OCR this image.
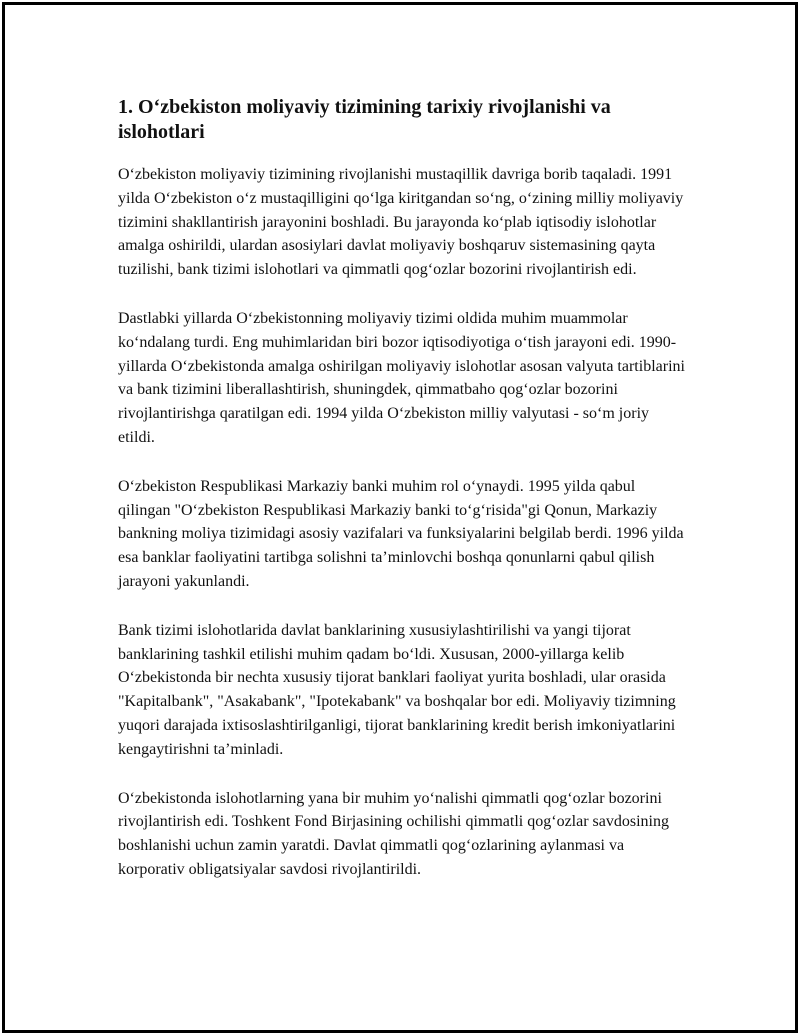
1. O‘zbekiston moliyaviy tizimining tarixiy rivojlanishi va islohotlari

O‘zbekiston moliyaviy tizimining rivojlanishi mustaqillik davriga borib taqaladi. 1991 yilda O‘zbekiston o‘z mustaqilligini qo‘lga kiritgandan so‘ng, o‘zining milliy moliyaviy tizimini shakllantirish jarayonini boshladi. Bu jarayonda ko‘plab iqtisodiy islohotlar amalga oshirildi, ulardan asosiylari davlat moliyaviy boshqaruv sistemasining qayta tuzilishi, bank tizimi islohotlari va qimmatli qog‘ozlar bozorini rivojlantirish edi.

Dastlabki yillarda O‘zbekistonning moliyaviy tizimi oldida muhim muammolar ko‘ndalang turdi. Eng muhimlaridan biri bozor iqtisodiyotiga o‘tish jarayoni edi. 1990-yillarda O‘zbekistonda amalga oshirilgan moliyaviy islohotlar asosan valyuta tartiblarini va bank tizimini liberallashtirish, shuningdek, qimmatbaho qog‘ozlar bozorini rivojlantirishga qaratilgan edi. 1994 yilda O‘zbekiston milliy valyutasi - so‘m joriy etildi.

O‘zbekiston Respublikasi Markaziy banki muhim rol o‘ynaydi. 1995 yilda qabul qilingan "O‘zbekiston Respublikasi Markaziy banki to‘g‘risida"gi Qonun, Markaziy bankning moliya tizimidagi asosiy vazifalari va funksiyalarini belgilab berdi. 1996 yilda esa banklar faoliyatini tartibga solishni ta’minlovchi boshqa qonunlarni qabul qilish jarayoni yakunlandi.

Bank tizimi islohotlarida davlat banklarining xususiylashtirilishi va yangi tijorat banklarining tashkil etilishi muhim qadam bo‘ldi. Xususan, 2000-yillarga kelib O‘zbekistonda bir nechta xususiy tijorat banklari faoliyat yurita boshladi, ular orasida "Kapitalbank", "Asakabank", "Ipotekabank" va boshqalar bor edi. Moliyaviy tizimning yuqori darajada ixtisoslashtirilganligi, tijorat banklarining kredit berish imkoniyatlarini kengaytirishni ta’minladi.

O‘zbekistonda islohotlarning yana bir muhim yo‘nalishi qimmatli qog‘ozlar bozorini rivojlantirish edi. Toshkent Fond Birjasining ochilishi qimmatli qog‘ozlar savdosining boshlanishi uchun zamin yaratdi. Davlat qimmatli qog‘ozlarining aylanmasi va korporativ obligatsiyalar savdosi rivojlantirildi.
